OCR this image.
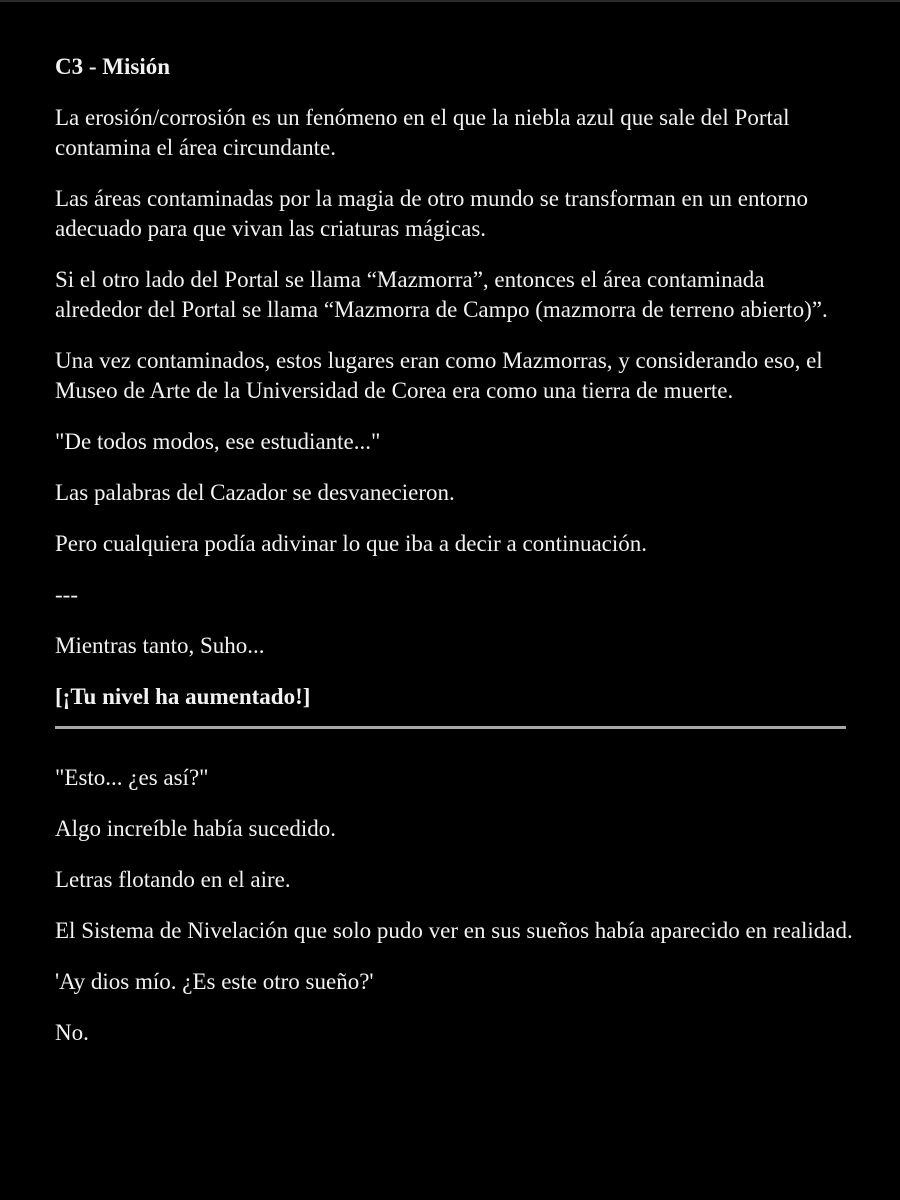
C3 - Misión

La erosión/corrosión es un fenómeno en el que la niebla azul que sale del Portal contamina el área circundante.

Las áreas contaminadas por la magia de otro mundo se transforman en un entorno adecuado para que vivan las criaturas mágicas.

Si el otro lado del Portal se llama “Mazmorra”, entonces el área contaminada alrededor del Portal se llama “Mazmorra de Campo (mazmorra de terreno abierto)”.

Una vez contaminados, estos lugares eran como Mazmorras, y considerando eso, el Museo de Arte de la Universidad de Corea era como una tierra de muerte.

"De todos modos, ese estudiante..."

Las palabras del Cazador se desvanecieron.

Pero cualquiera podía adivinar lo que iba a decir a continuación.

---

Mientras tanto, Suho...

[¡Tu nivel ha aumentado!]

"Esto... ¿es así?"

Algo increíble había sucedido.

Letras flotando en el aire.

El Sistema de Nivelación que solo pudo ver en sus sueños había aparecido en realidad.

'Ay dios mío. ¿Es este otro sueño?'

No.
